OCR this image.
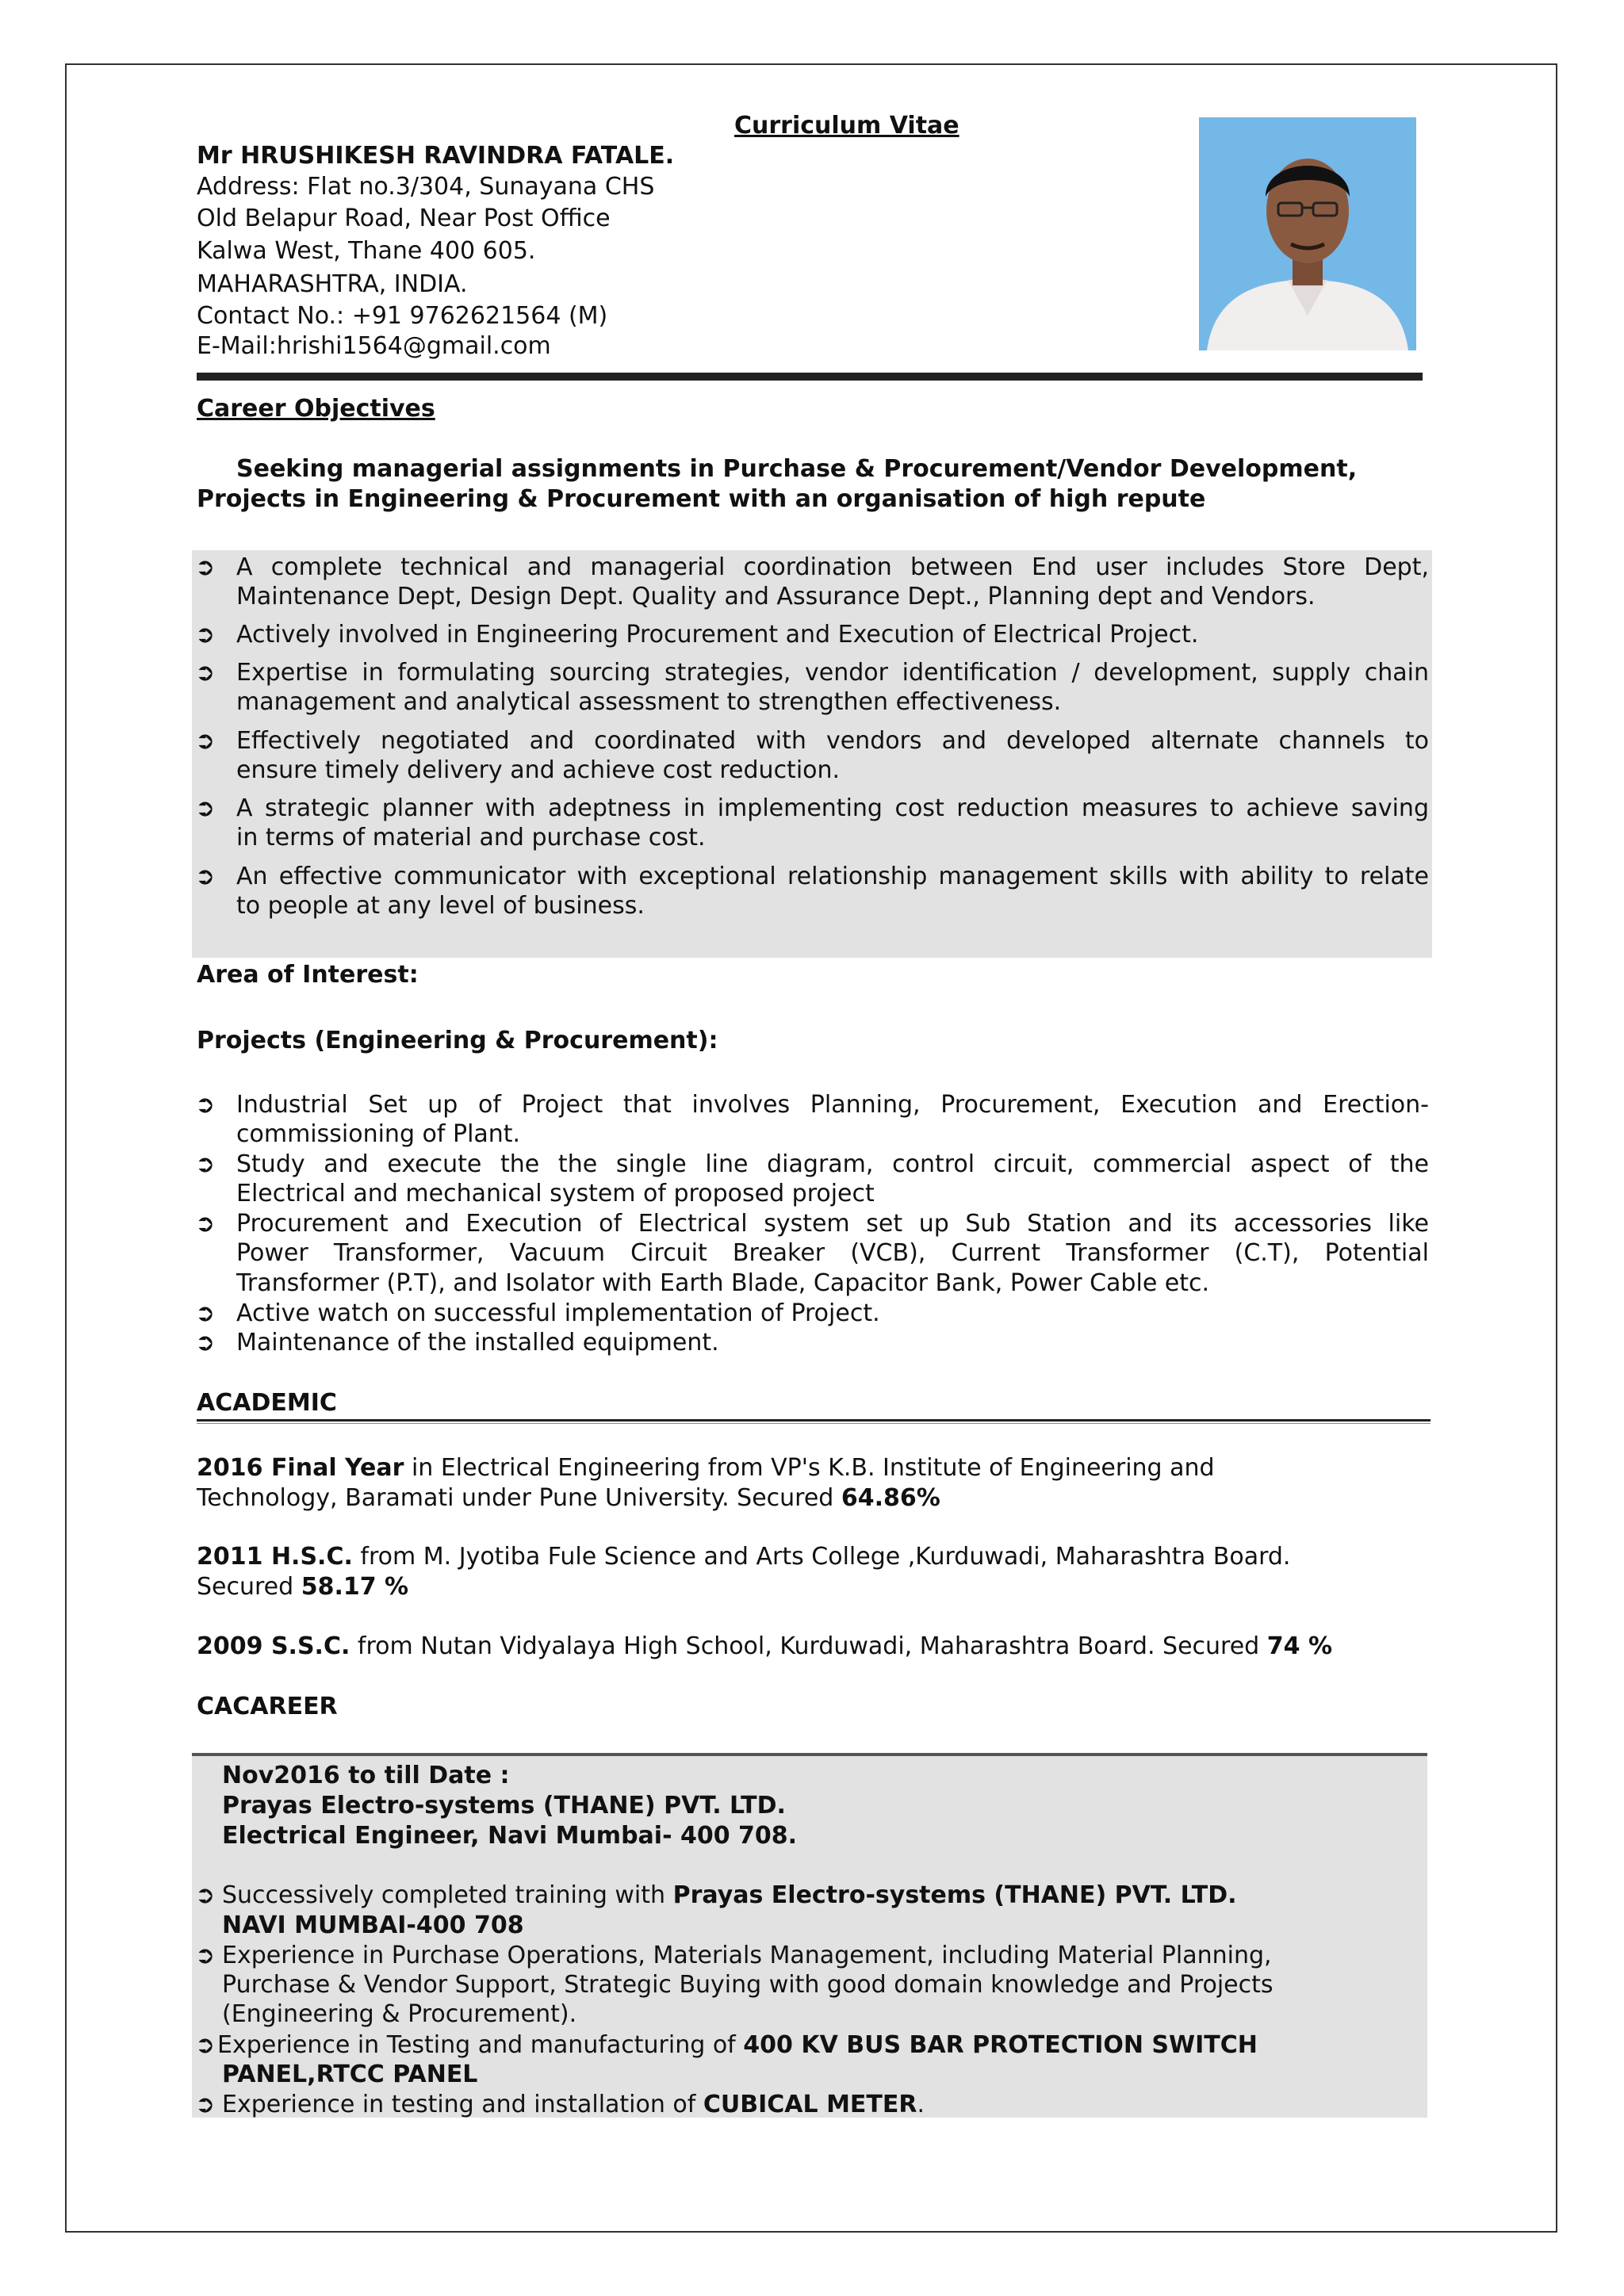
Curriculum Vitae
Mr HRUSHIKESH RAVINDRA FATALE.
Address: Flat no.3/304, Sunayana CHS
Old Belapur Road, Near Post Office
Kalwa West, Thane 400 605.
MAHARASHTRA, INDIA.
Contact No.: +91 9762621564 (M)
E-Mail:hrishi1564@gmail.com
Career Objectives
Seeking managerial assignments in Purchase & Procurement/Vendor Development,
Projects in Engineering & Procurement with an organisation of high repute
➲ A complete technical and managerial coordination between End user includes Store Dept,
Maintenance Dept, Design Dept. Quality and Assurance Dept., Planning dept and Vendors.
➲ Actively involved in Engineering Procurement and Execution of Electrical Project.
➲ Expertise in formulating sourcing strategies, vendor identification / development, supply chain
management and analytical assessment to strengthen effectiveness.
➲ Effectively negotiated and coordinated with vendors and developed alternate channels to
ensure timely delivery and achieve cost reduction.
➲ A strategic planner with adeptness in implementing cost reduction measures to achieve saving
in terms of material and purchase cost.
➲ An effective communicator with exceptional relationship management skills with ability to relate
to people at any level of business.
Area of Interest:
Projects (Engineering & Procurement):
➲ Industrial Set up of Project that involves Planning, Procurement, Execution and Erection-
commissioning of Plant.
➲ Study and execute the the single line diagram, control circuit, commercial aspect of the
Electrical and mechanical system of proposed project
➲ Procurement and Execution of Electrical system set up Sub Station and its accessories like
Power Transformer, Vacuum Circuit Breaker (VCB), Current Transformer (C.T), Potential
Transformer (P.T), and Isolator with Earth Blade, Capacitor Bank, Power Cable etc.
➲ Active watch on successful implementation of Project.
➲ Maintenance of the installed equipment.
ACADEMIC
2016 Final Year in Electrical Engineering from VP's K.B. Institute of Engineering and
Technology, Baramati under Pune University. Secured 64.86%
2011 H.S.C. from M. Jyotiba Fule Science and Arts College ,Kurduwadi, Maharashtra Board.
Secured 58.17 %
2009 S.S.C. from Nutan Vidyalaya High School, Kurduwadi, Maharashtra Board. Secured 74 %
CACAREER
Nov2016 to till Date :
Prayas Electro-systems (THANE) PVT. LTD.
Electrical Engineer, Navi Mumbai- 400 708.
➲ Successively completed training with Prayas Electro-systems (THANE) PVT. LTD.
NAVI MUMBAI-400 708
➲ Experience in Purchase Operations, Materials Management, including Material Planning,
Purchase & Vendor Support, Strategic Buying with good domain knowledge and Projects
(Engineering & Procurement).
➲ Experience in Testing and manufacturing of 400 KV BUS BAR PROTECTION SWITCH
PANEL,RTCC PANEL
➲ Experience in testing and installation of CUBICAL METER.
